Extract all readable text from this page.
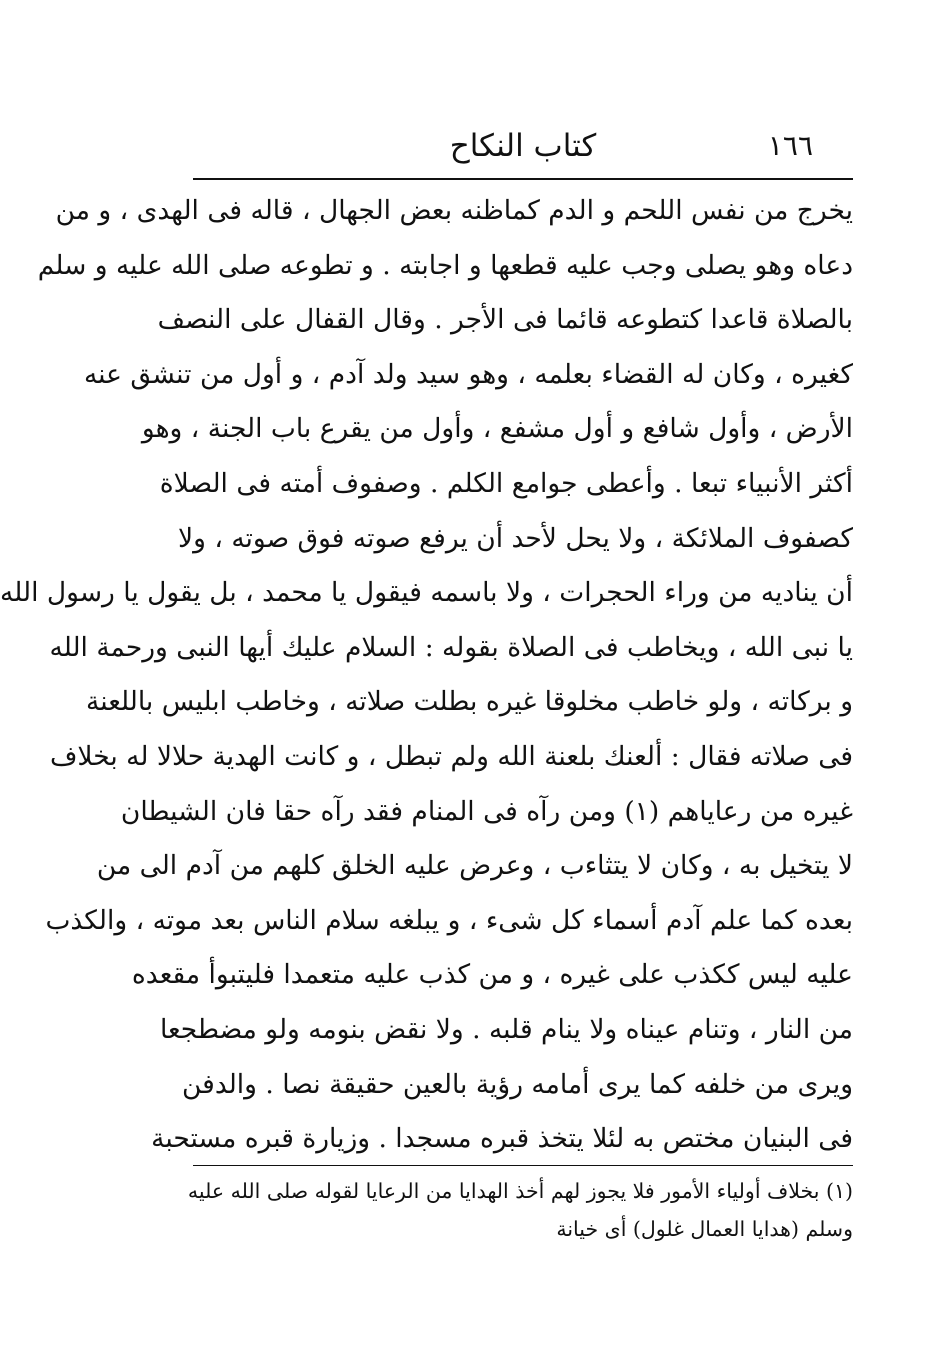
١٦٦
كتاب النكاح
يخرج من نفس اللحم و الدم كماظنه بعض الجهال ، قاله فى الهدى ، و من
دعاه وهو يصلى وجب عليه قطعها و اجابته . و تطوعه صلى الله عليه و سلم
بالصلاة قاعدا كتطوعه قائما فى الأجر . وقال القفال على النصف
كغيره ، وكان له القضاء بعلمه ، وهو سيد ولد آدم ، و أول من تنشق عنه
الأرض ، وأول شافع و أول مشفع ، وأول من يقرع باب الجنة ، وهو
أكثر الأنبياء تبعا . وأعطى جوامع الكلم . وصفوف أمته فى الصلاة
كصفوف الملائكة ، ولا يحل لأحد أن يرفع صوته فوق صوته ، ولا
أن يناديه من وراء الحجرات ، ولا باسمه فيقول يا محمد ، بل يقول يا رسول الله
يا نبى الله ، ويخاطب فى الصلاة بقوله : السلام عليك أيها النبى ورحمة الله
و بركاته ، ولو خاطب مخلوقا غيره بطلت صلاته ، وخاطب ابليس باللعنة
فى صلاته فقال : ألعنك بلعنة الله ولم تبطل ، و كانت الهدية حلالا له بخلاف
غيره من رعاياهم (١) ومن رآه فى المنام فقد رآه حقا فان الشيطان
لا يتخيل به ، وكان لا يتثاءب ، وعرض عليه الخلق كلهم من آدم الى من
بعده كما علم آدم أسماء كل شىء ، و يبلغه سلام الناس بعد موته ، والكذب
عليه ليس ككذب على غيره ، و من كذب عليه متعمدا فليتبوأ مقعده
من النار ، وتنام عيناه ولا ينام قلبه . ولا نقض بنومه ولو مضطجعا
ويرى من خلفه كما يرى أمامه رؤية بالعين حقيقة نصا . والدفن
فى البنيان مختص به لئلا يتخذ قبره مسجدا . وزيارة قبره مستحبة
(١) بخلاف أولياء الأمور فلا يجوز لهم أخذ الهدايا من الرعايا لقوله صلى الله عليه
وسلم (هدايا العمال غلول) أى خيانة
